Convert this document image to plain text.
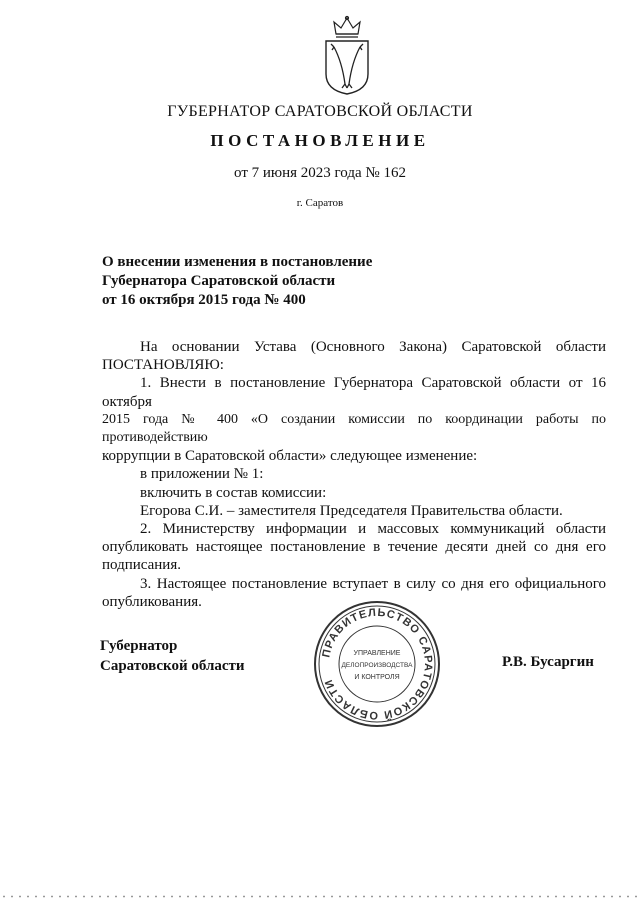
ГУБЕРНАТОР САРАТОВСКОЙ ОБЛАСТИ
ПОСТАНОВЛЕНИЕ
от 7 июня 2023 года № 162
г. Саратов
О внесении изменения в постановление
Губернатора Саратовской области
от 16 октября 2015 года № 400

На основании Устава (Основного Закона) Саратовской области

ПОСТАНОВЛЯЮ:

1. Внести в постановление Губернатора Саратовской области от 16 октября

2015 года № 400 «О создании комиссии по координации работы по противодействию

коррупции в Саратовской области» следующее изменение:

в приложении № 1:

включить в состав комиссии:

Егорова С.И. – заместителя Председателя Правительства области.

2. Министерству информации и массовых коммуникаций области

опубликовать настоящее постановление в течение десяти дней со дня его

подписания.

3. Настоящее постановление вступает в силу со дня его официального

опубликования.

ПРАВИТЕЛЬСТВО САРАТОВСКОЙ ОБЛАСТИ
УПРАВЛЕНИЕ
ДЕЛОПРОИЗВОДСТВА
И КОНТРОЛЯ
Губернатор
Саратовской области	Р.В. Бусаргин
